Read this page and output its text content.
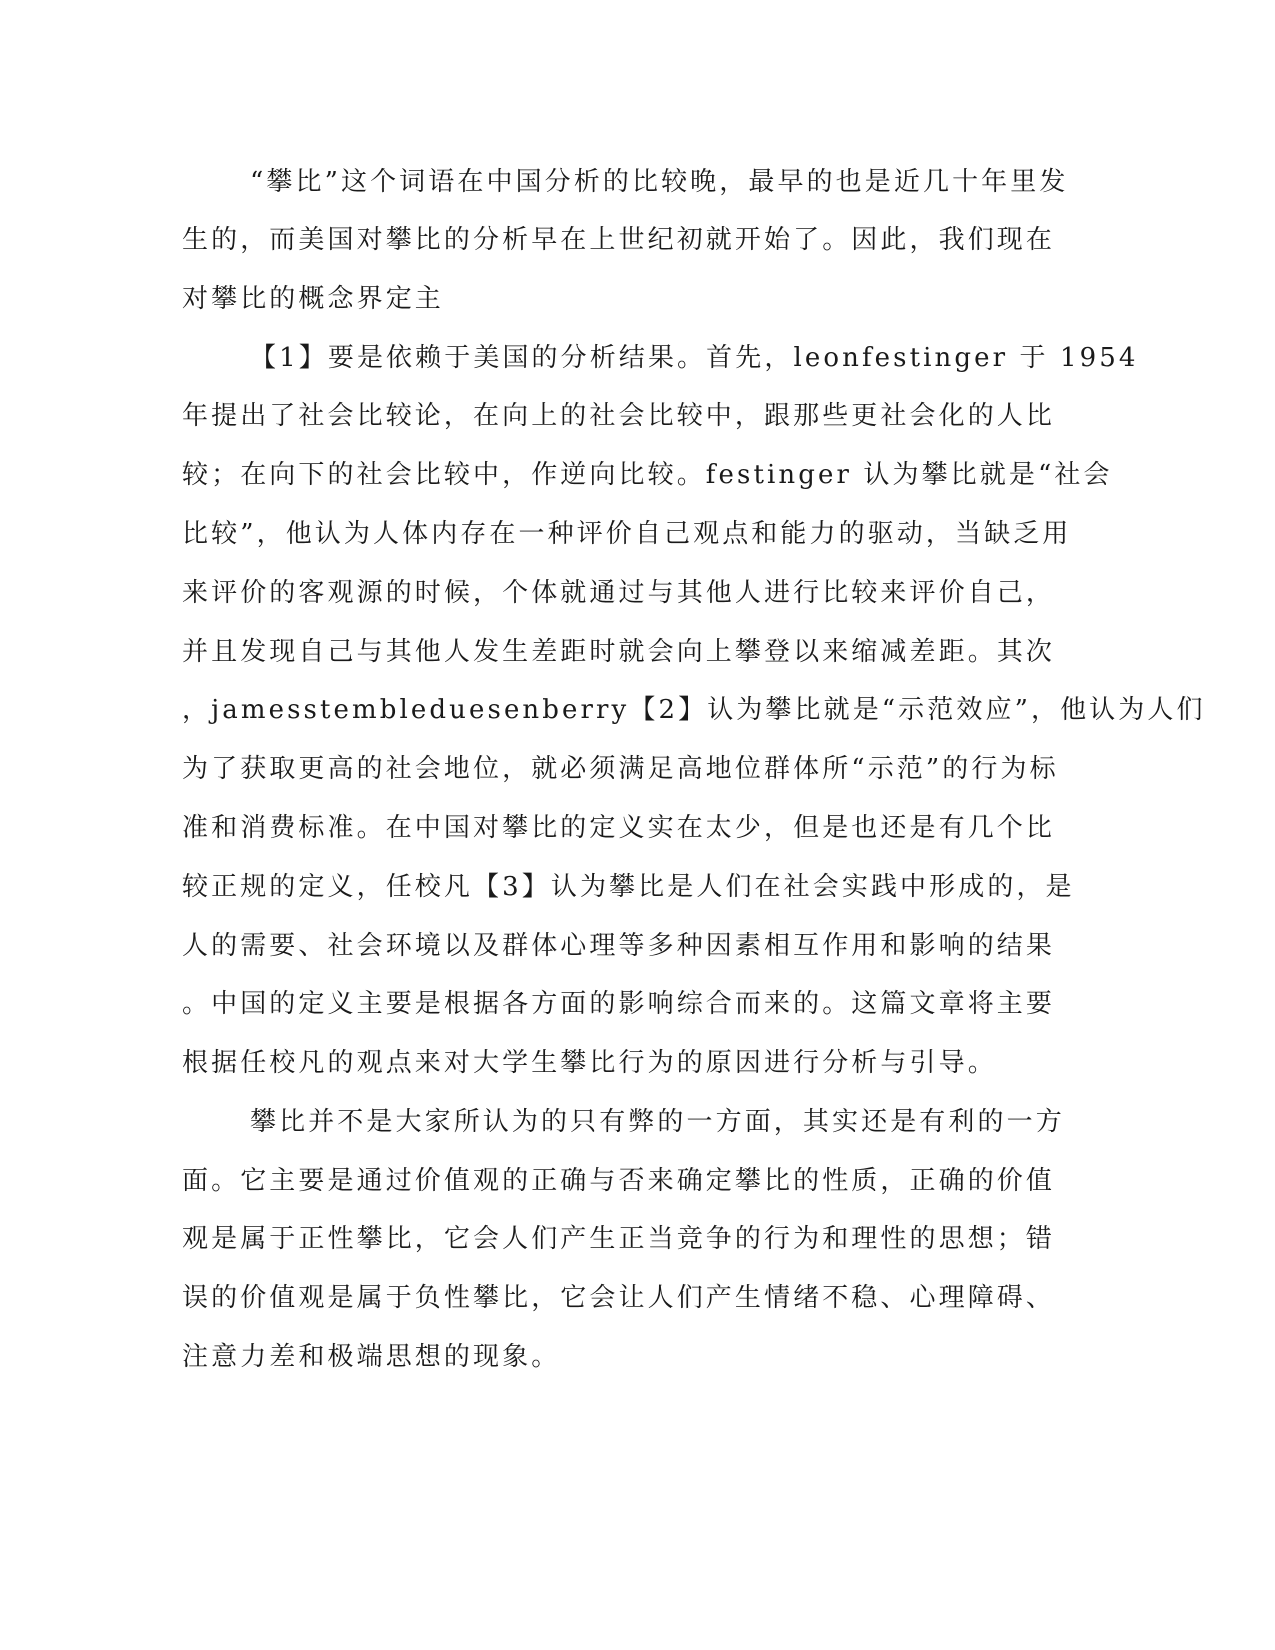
“攀比”这个词语在中国分析的比较晚，最早的也是近几十年里发
生的，而美国对攀比的分析早在上世纪初就开始了。因此，我们现在
对攀比的概念界定主
【1】要是依赖于美国的分析结果。首先，leonfestinger 于 1954
年提出了社会比较论，在向上的社会比较中，跟那些更社会化的人比
较；在向下的社会比较中，作逆向比较。festinger 认为攀比就是“社会
比较”，他认为人体内存在一种评价自己观点和能力的驱动，当缺乏用
来评价的客观源的时候，个体就通过与其他人进行比较来评价自己，
并且发现自己与其他人发生差距时就会向上攀登以来缩减差距。其次
，jamesstembleduesenberry【2】认为攀比就是“示范效应”，他认为人们
为了获取更高的社会地位，就必须满足高地位群体所“示范”的行为标
准和消费标准。在中国对攀比的定义实在太少，但是也还是有几个比
较正规的定义，任校凡【3】认为攀比是人们在社会实践中形成的，是
人的需要、社会环境以及群体心理等多种因素相互作用和影响的结果
。中国的定义主要是根据各方面的影响综合而来的。这篇文章将主要
根据任校凡的观点来对大学生攀比行为的原因进行分析与引导。
攀比并不是大家所认为的只有弊的一方面，其实还是有利的一方
面。它主要是通过价值观的正确与否来确定攀比的性质，正确的价值
观是属于正性攀比，它会人们产生正当竞争的行为和理性的思想；错
误的价值观是属于负性攀比，它会让人们产生情绪不稳、心理障碍、
注意力差和极端思想的现象。
